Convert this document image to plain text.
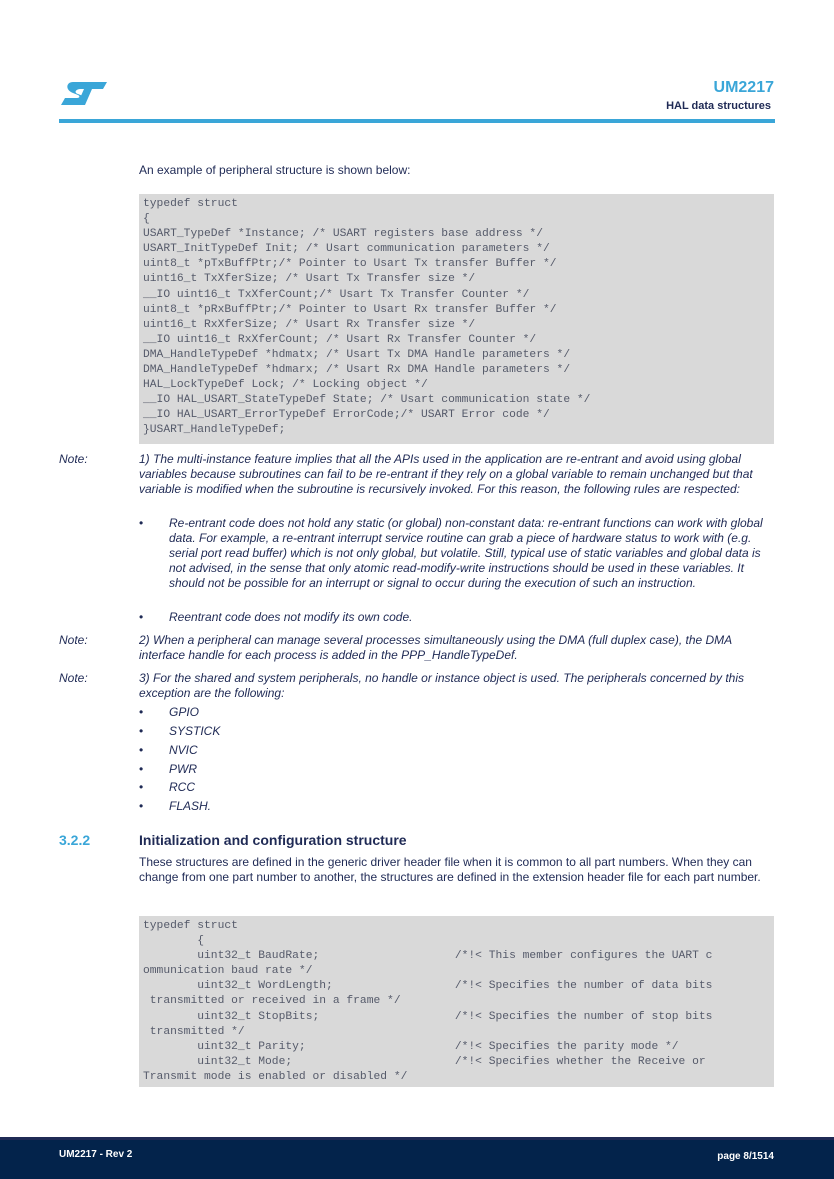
UM2217
HAL data structures
An example of peripheral structure is shown below:
typedef struct
{
USART_TypeDef *Instance; /* USART registers base address */
USART_InitTypeDef Init; /* Usart communication parameters */
uint8_t *pTxBuffPtr;/* Pointer to Usart Tx transfer Buffer */
uint16_t TxXferSize; /* Usart Tx Transfer size */
__IO uint16_t TxXferCount;/* Usart Tx Transfer Counter */
uint8_t *pRxBuffPtr;/* Pointer to Usart Rx transfer Buffer */
uint16_t RxXferSize; /* Usart Rx Transfer size */
__IO uint16_t RxXferCount; /* Usart Rx Transfer Counter */
DMA_HandleTypeDef *hdmatx; /* Usart Tx DMA Handle parameters */
DMA_HandleTypeDef *hdmarx; /* Usart Rx DMA Handle parameters */
HAL_LockTypeDef Lock; /* Locking object */
__IO HAL_USART_StateTypeDef State; /* Usart communication state */
__IO HAL_USART_ErrorTypeDef ErrorCode;/* USART Error code */
}USART_HandleTypeDef;
Note:	1) The multi-instance feature implies that all the APIs used in the application are re-entrant and avoid using global variables because subroutines can fail to be re-entrant if they rely on a global variable to remain unchanged but that variable is modified when the subroutine is recursively invoked. For this reason, the following rules are respected:
• Re-entrant code does not hold any static (or global) non-constant data: re-entrant functions can work with global data. For example, a re-entrant interrupt service routine can grab a piece of hardware status to work with (e.g. serial port read buffer) which is not only global, but volatile. Still, typical use of static variables and global data is not advised, in the sense that only atomic read-modify-write instructions should be used in these variables. It should not be possible for an interrupt or signal to occur during the execution of such an instruction.
• Reentrant code does not modify its own code.
Note:	2) When a peripheral can manage several processes simultaneously using the DMA (full duplex case), the DMA interface handle for each process is added in the PPP_HandleTypeDef.
Note:	3) For the shared and system peripherals, no handle or instance object is used. The peripherals concerned by this exception are the following:
• GPIO
• SYSTICK
• NVIC
• PWR
• RCC
• FLASH.
3.2.2	Initialization and configuration structure
These structures are defined in the generic driver header file when it is common to all part numbers. When they can change from one part number to another, the structures are defined in the extension header file for each part number.
typedef struct
{
uint32_t BaudRate;                    /*!< This member configures the UART c
ommunication baud rate */
uint32_t WordLength;                  /*!< Specifies the number of data bits
transmitted or received in a frame */
uint32_t StopBits;                    /*!< Specifies the number of stop bits
transmitted */
uint32_t Parity;                      /*!< Specifies the parity mode */
uint32_t Mode;                        /*!< Specifies whether the Receive or
Transmit mode is enabled or disabled */
UM2217 - Rev 2	page 8/1514
